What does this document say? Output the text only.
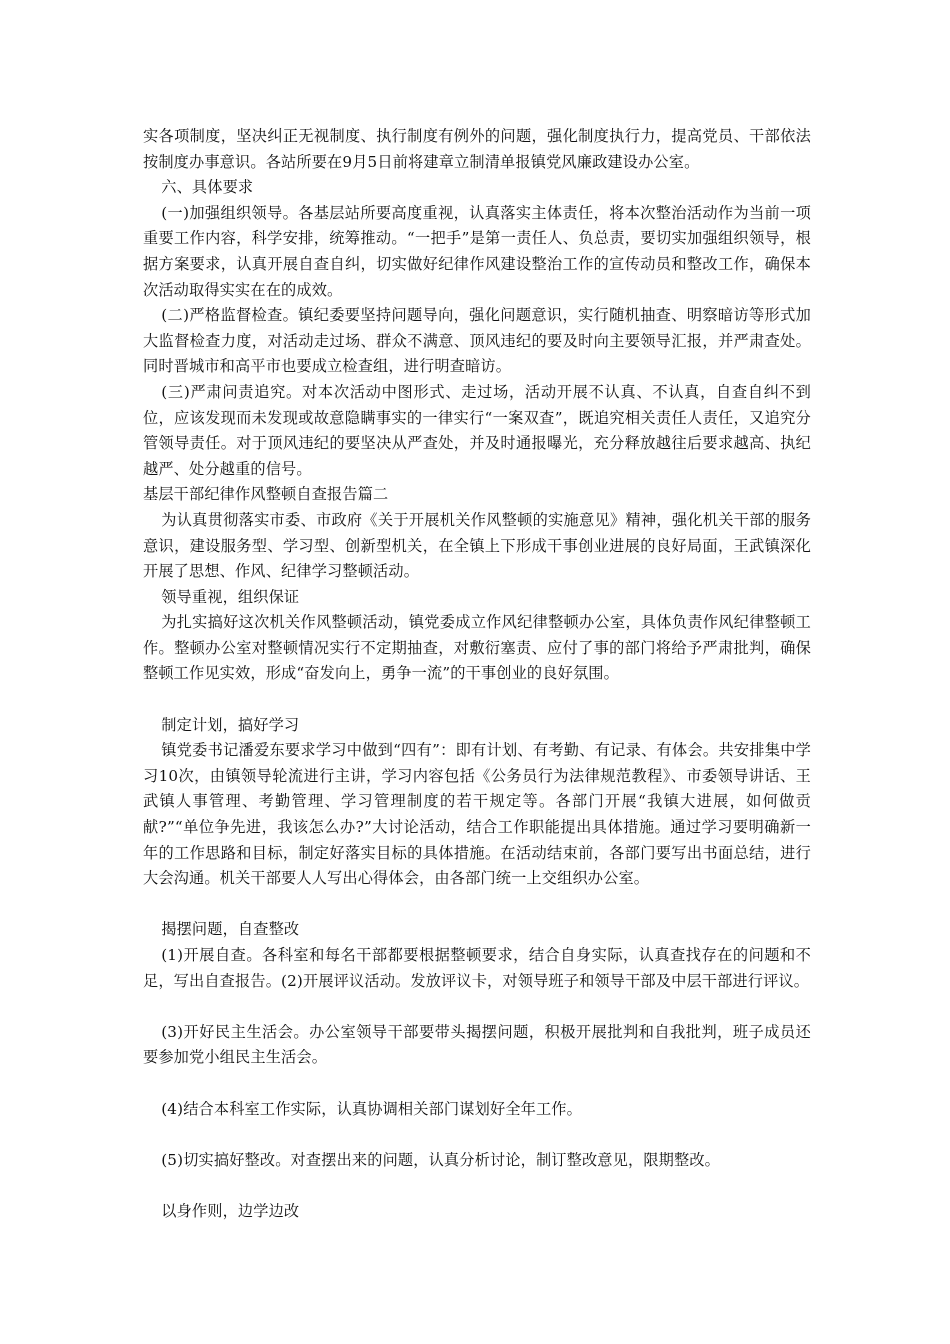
实各项制度，坚决纠正无视制度、执行制度有例外的问题，强化制度执行力，提高党员、干部依法按制度办事意识。各站所要在9月5日前将建章立制清单报镇党风廉政建设办公室。

六、具体要求

(一)加强组织领导。各基层站所要高度重视，认真落实主体责任，将本次整治活动作为当前一项重要工作内容，科学安排，统筹推动。“一把手”是第一责任人、负总责，要切实加强组织领导，根据方案要求，认真开展自查自纠，切实做好纪律作风建设整治工作的宣传动员和整改工作，确保本次活动取得实实在在的成效。

(二)严格监督检查。镇纪委要坚持问题导向，强化问题意识，实行随机抽查、明察暗访等形式加大监督检查力度，对活动走过场、群众不满意、顶风违纪的要及时向主要领导汇报，并严肃查处。同时晋城市和高平市也要成立检查组，进行明查暗访。

(三)严肃问责追究。对本次活动中图形式、走过场，活动开展不认真、不认真，自查自纠不到位，应该发现而未发现或故意隐瞒事实的一律实行“一案双查”，既追究相关责任人责任，又追究分管领导责任。对于顶风违纪的要坚决从严查处，并及时通报曝光，充分释放越往后要求越高、执纪越严、处分越重的信号。

基层干部纪律作风整顿自查报告篇二

为认真贯彻落实市委、市政府《关于开展机关作风整顿的实施意见》精神，强化机关干部的服务意识，建设服务型、学习型、创新型机关，在全镇上下形成干事创业进展的良好局面，王武镇深化开展了思想、作风、纪律学习整顿活动。

领导重视，组织保证

为扎实搞好这次机关作风整顿活动，镇党委成立作风纪律整顿办公室，具体负责作风纪律整顿工作。整顿办公室对整顿情况实行不定期抽查，对敷衍塞责、应付了事的部门将给予严肃批判，确保整顿工作见实效，形成“奋发向上，勇争一流”的干事创业的良好氛围。

制定计划，搞好学习

镇党委书记潘爱东要求学习中做到“四有”：即有计划、有考勤、有记录、有体会。共安排集中学习10次，由镇领导轮流进行主讲，学习内容包括《公务员行为法律规范教程》、市委领导讲话、王武镇人事管理、考勤管理、学习管理制度的若干规定等。各部门开展“我镇大进展，如何做贡献?”“单位争先进，我该怎么办?”大讨论活动，结合工作职能提出具体措施。通过学习要明确新一年的工作思路和目标，制定好落实目标的具体措施。在活动结束前，各部门要写出书面总结，进行大会沟通。机关干部要人人写出心得体会，由各部门统一上交组织办公室。

揭摆问题，自查整改

(1)开展自查。各科室和每名干部都要根据整顿要求，结合自身实际，认真查找存在的问题和不足，写出自查报告。(2)开展评议活动。发放评议卡，对领导班子和领导干部及中层干部进行评议。

(3)开好民主生活会。办公室领导干部要带头揭摆问题，积极开展批判和自我批判，班子成员还要参加党小组民主生活会。

(4)结合本科室工作实际，认真协调相关部门谋划好全年工作。

(5)切实搞好整改。对查摆出来的问题，认真分析讨论，制订整改意见，限期整改。

以身作则，边学边改
